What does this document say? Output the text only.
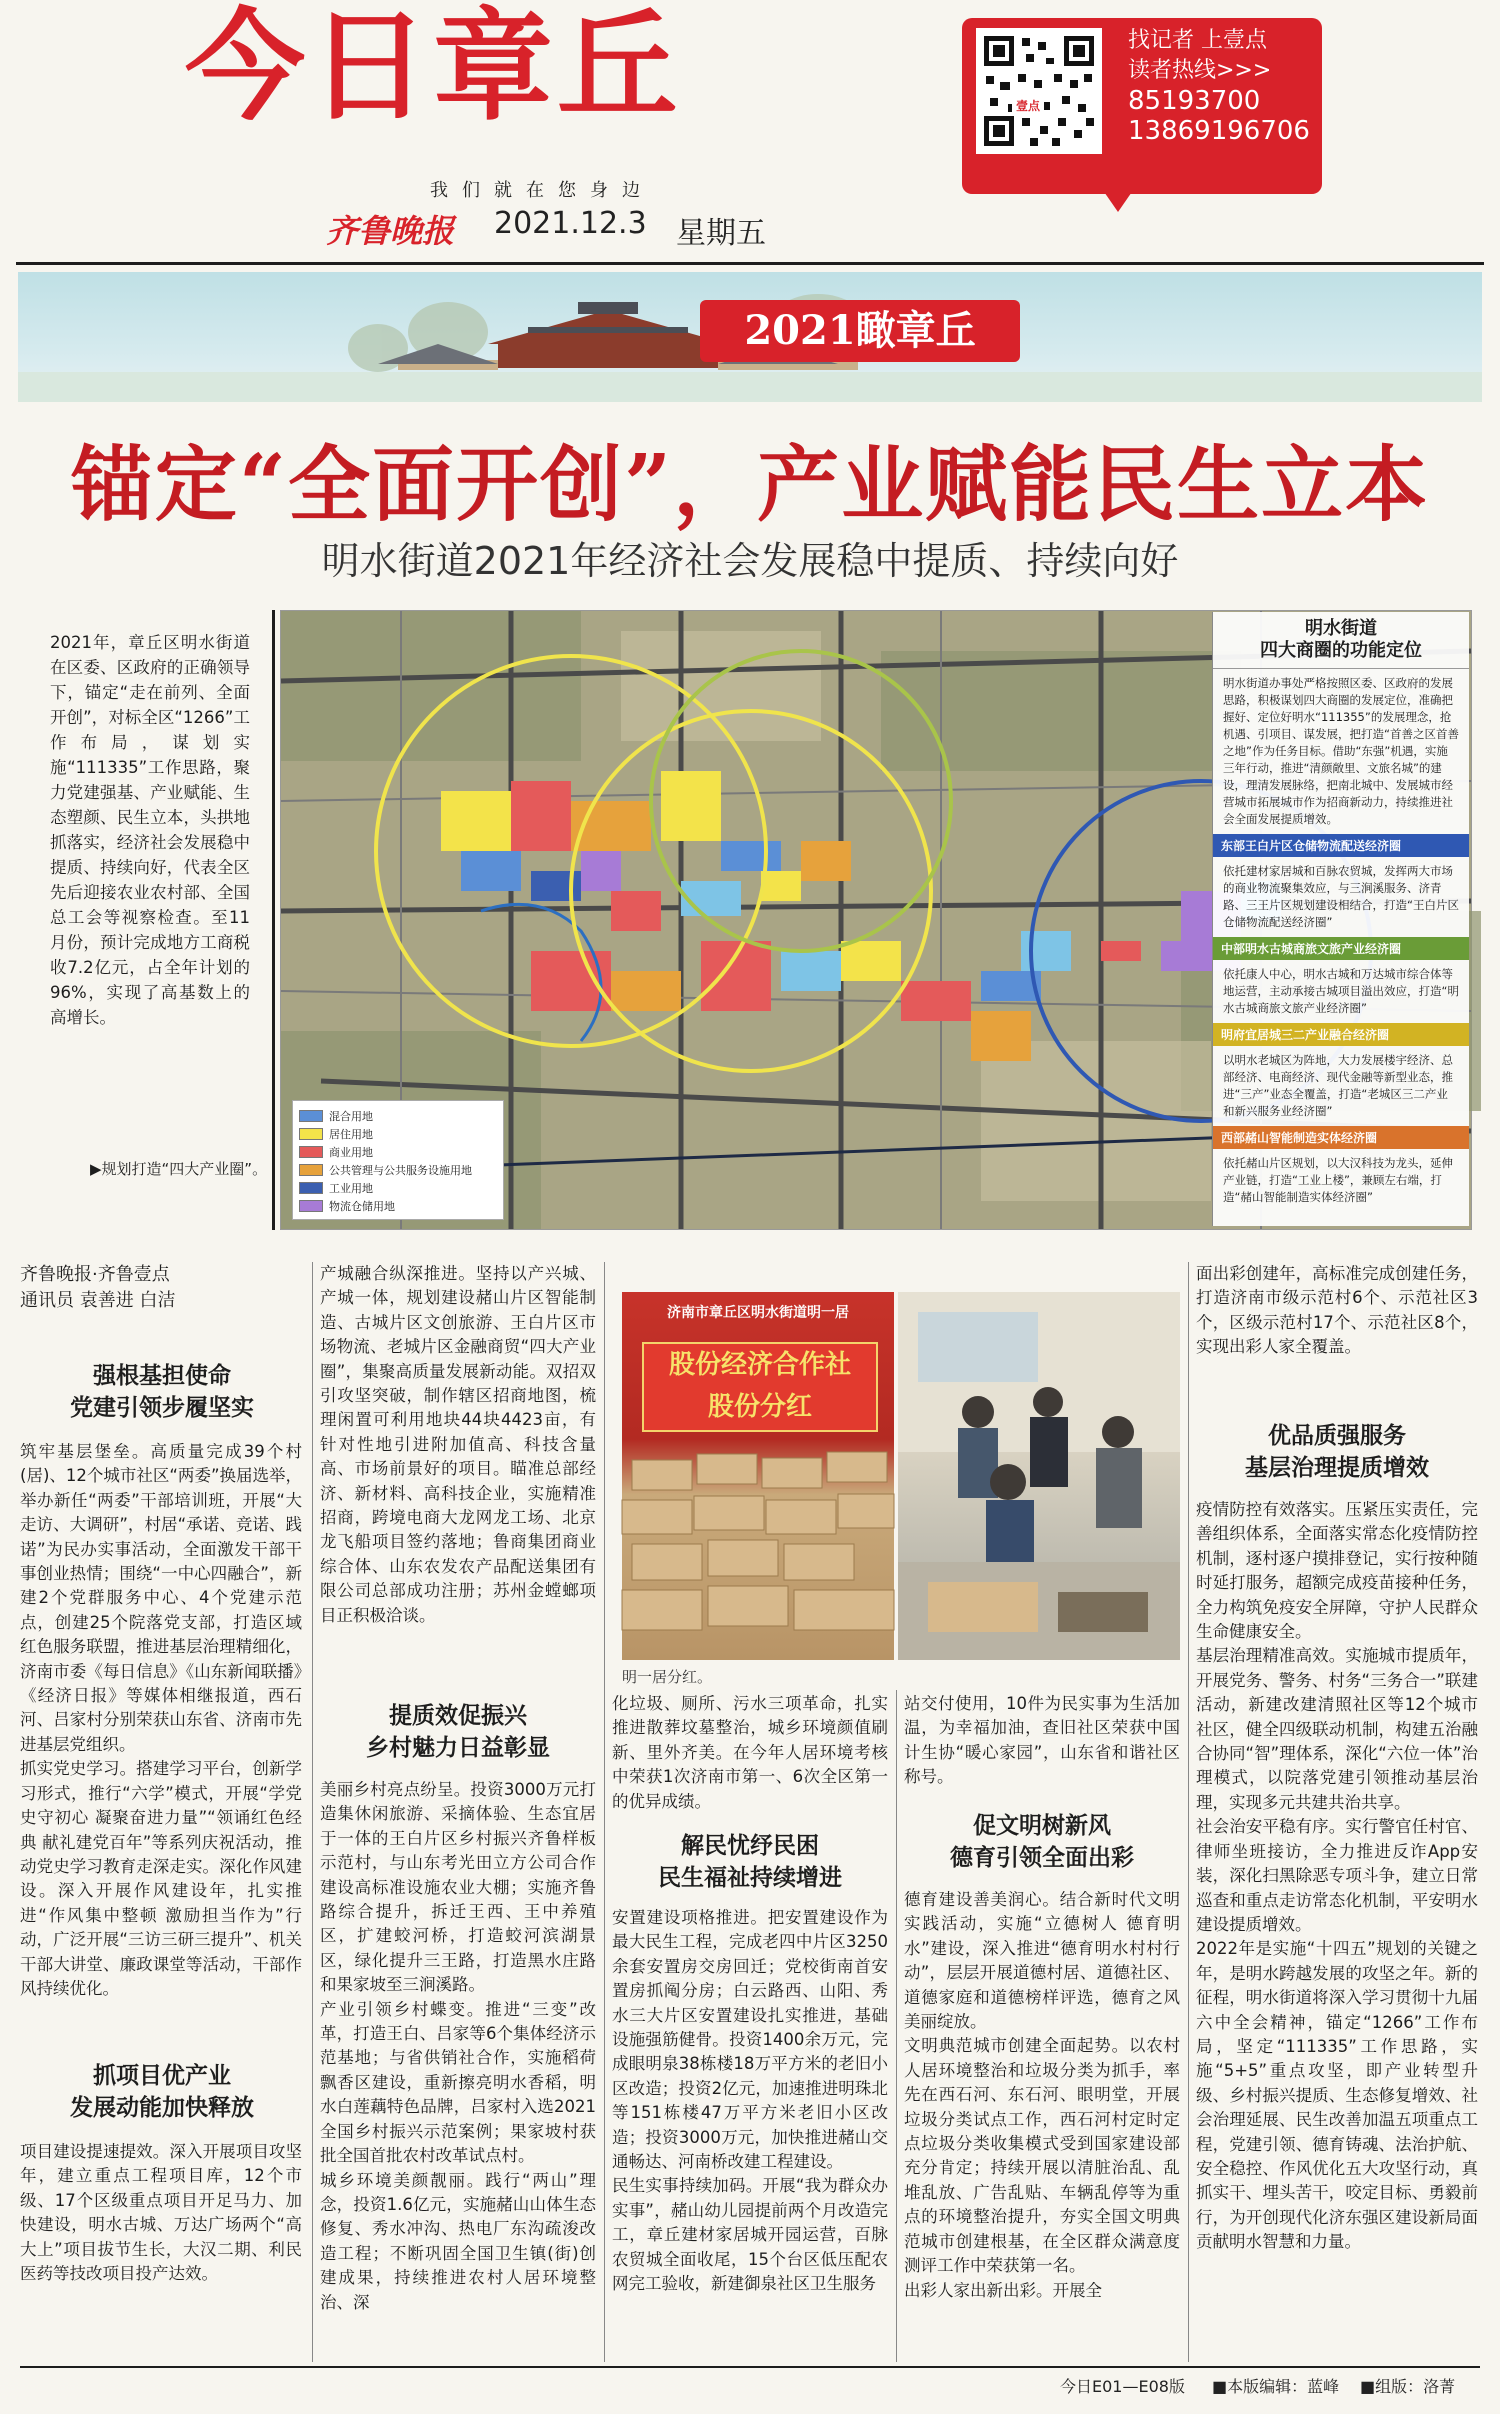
今日章丘
我们就在您身边
齐鲁晚报 2021.12.3 星期五
壹点
找记者 上壹点
读者热线>>>
85193700
13869196706
2021瞰章丘
锚定“全面开创”，产业赋能民生立本
明水街道2021年经济社会发展稳中提质、持续向好
2021年，章丘区明水街道在区委、区政府的正确领导下，锚定“走在前列、全面开创”，对标全区“1266”工作布局，谋划实施“111335”工作思路，聚力党建强基、产业赋能、生态塑颜、民生立本，头拱地抓落实，经济社会发展稳中提质、持续向好，代表全区先后迎接农业农村部、全国总工会等视察检查。至11月份，预计完成地方工商税收7.2亿元，占全年计划的96%，实现了高基数上的高增长。
▶规划打造“四大产业圈”。
混合用地
居住用地
商业用地
公共管理与公共服务设施用地
工业用地
物流仓储用地
明水街道
四大商圈的功能定位
明水街道办事处严格按照区委、区政府的发展思路，积极谋划四大商圈的发展定位，准确把握好、定位好明水“111355”的发展理念，抢机遇、引项目、谋发展，把打造“首善之区首善之地”作为任务目标。借助“东强”机遇，实施三年行动，推进“清颜敞里、文旅名城”的建设，理清发展脉络，把南北城中、发展城市经营城市拓展城市作为招商新动力，持续推进社会全面发展提质增效。
东部王白片区仓储物流配送经济圈
依托建材家居城和百脉农贸城，发挥两大市场的商业物流聚集效应，与三涧溪服务、济青路、三王片区规划建设相结合，打造“王白片区仓储物流配送经济圈”
中部明水古城商旅文旅产业经济圈
依托康人中心，明水古城和万达城市综合体等地运营，主动承接古城项目溢出效应，打造“明水古城商旅文旅产业经济圈”
明府宜居城三二产业融合经济圈
以明水老城区为阵地，大力发展楼宇经济、总部经济、电商经济、现代金融等新型业态，推进“三产”业态全覆盖，打造“老城区三二产业和新兴服务业经济圈”
西部赭山智能制造实体经济圈
依托赭山片区规划，以大汉科技为龙头，延伸产业链，打造“工业上楼”，兼顾左右端，打造“赭山智能制造实体经济圈”
齐鲁晚报·齐鲁壹点
通讯员 袁善进 白洁
强根基担使命
党建引领步履坚实
筑牢基层堡垒。高质量完成39个村(居)、12个城市社区“两委”换届选举，举办新任“两委”干部培训班，开展“大走访、大调研”，村居“承诺、竞诺、践诺”为民办实事活动，全面激发干部干事创业热情；围绕“一中心四融合”，新建2个党群服务中心、4个党建示范点，创建25个院落党支部，打造区域红色服务联盟，推进基层治理精细化，济南市委《每日信息》《山东新闻联播》《经济日报》等媒体相继报道，西石河、吕家村分别荣获山东省、济南市先进基层党组织。
抓实党史学习。搭建学习平台，创新学习形式，推行“六学”模式，开展“学党史守初心 凝聚奋进力量”“领诵红色经典 献礼建党百年”等系列庆祝活动，推动党史学习教育走深走实。深化作风建设。深入开展作风建设年，扎实推进“作风集中整顿 激励担当作为”行动，广泛开展“三访三研三提升”、机关干部大讲堂、廉政课堂等活动，干部作风持续优化。
抓项目优产业
发展动能加快释放
项目建设提速提效。深入开展项目攻坚年，建立重点工程项目库，12个市级、17个区级重点项目开足马力、加快建设，明水古城、万达广场两个“高大上”项目拔节生长，大汉二期、利民医药等技改项目投产达效。
产城融合纵深推进。坚持以产兴城、产城一体，规划建设赭山片区智能制造、古城片区文创旅游、王白片区市场物流、老城片区金融商贸“四大产业圈”，集聚高质量发展新动能。双招双引攻坚突破，制作辖区招商地图，梳理闲置可利用地块44块4423亩，有针对性地引进附加值高、科技含量高、市场前景好的项目。瞄准总部经济、新材料、高科技企业，实施精准招商，跨境电商大龙网龙工场、北京龙飞船项目签约落地；鲁商集团商业综合体、山东农发农产品配送集团有限公司总部成功注册；苏州金螳螂项目正积极洽谈。
提质效促振兴
乡村魅力日益彰显
美丽乡村亮点纷呈。投资3000万元打造集休闲旅游、采摘体验、生态宜居于一体的王白片区乡村振兴齐鲁样板示范村，与山东考光田立方公司合作建设高标准设施农业大棚；实施齐鲁路综合提升，拆迁王西、王中养殖区，扩建蛟河桥，打造蛟河滨湖景区，绿化提升三王路，打造黑水庄路和果家坡至三涧溪路。
产业引领乡村蝶变。推进“三变”改革，打造王白、吕家等6个集体经济示范基地；与省供销社合作，实施稻荷飘香区建设，重新擦亮明水香稻，明水白莲藕特色品牌，吕家村入选2021全国乡村振兴示范案例；果家坡村获批全国首批农村改革试点村。
城乡环境美颜靓丽。践行“两山”理念，投资1.6亿元，实施赭山山体生态修复、秀水冲沟、热电厂东沟疏浚改造工程；不断巩固全国卫生镇(街)创建成果，持续推进农村人居环境整治、深
济南市章丘区明水街道明一居
股份经济合作社
股份分红
明一居分红。
化垃圾、厕所、污水三项革命，扎实推进散葬坟墓整治，城乡环境颜值刷新、里外齐美。在今年人居环境考核中荣获1次济南市第一、6次全区第一的优异成绩。
解民忧纾民困
民生福祉持续增进
安置建设项格推进。把安置建设作为最大民生工程，完成老四中片区3250余套安置房交房回迁；党校街南首安置房抓阄分房；白云路西、山阳、秀水三大片区安置建设扎实推进，基础设施强筋健骨。投资1400余万元，完成眼明泉38栋楼18万平方米的老旧小区改造；投资2亿元，加速推进明珠北等151栋楼47万平方米老旧小区改造；投资3000万元，加快推进赭山交通畅达、河南桥改建工程建设。
民生实事持续加码。开展“我为群众办实事”，赭山幼儿园提前两个月改造完工，章丘建材家居城开园运营，百脉农贸城全面收尾，15个台区低压配农网完工验收，新建御泉社区卫生服务
站交付使用，10件为民实事为生活加温，为幸福加油，查旧社区荣获中国计生协“暖心家园”，山东省和谐社区称号。
促文明树新风
德育引领全面出彩
德育建设善美润心。结合新时代文明实践活动，实施“立德树人 德育明水”建设，深入推进“德育明水村村行动”，层层开展道德村居、道德社区、道德家庭和道德榜样评选，德育之风美丽绽放。
文明典范城市创建全面起势。以农村人居环境整治和垃圾分类为抓手，率先在西石河、东石河、眼明堂，开展垃圾分类试点工作，西石河村定时定点垃圾分类收集模式受到国家建设部充分肯定；持续开展以清脏治乱、乱堆乱放、广告乱贴、车辆乱停等为重点的环境整治提升，夯实全国文明典范城市创建根基，在全区群众满意度测评工作中荣获第一名。
出彩人家出新出彩。开展全
面出彩创建年，高标准完成创建任务，打造济南市级示范村6个、示范社区3个，区级示范村17个、示范社区8个，实现出彩人家全覆盖。
优品质强服务
基层治理提质增效
疫情防控有效落实。压紧压实责任，完善组织体系，全面落实常态化疫情防控机制，逐村逐户摸排登记，实行按种随时延打服务，超额完成疫苗接种任务，全力构筑免疫安全屏障，守护人民群众生命健康安全。
基层治理精准高效。实施城市提质年，开展党务、警务、村务“三务合一”联建活动，新建改建清照社区等12个城市社区，健全四级联动机制，构建五治融合协同“智”理体系，深化“六位一体”治理模式，以院落党建引领推动基层治理，实现多元共建共治共享。
社会治安平稳有序。实行警官任村官、律师坐班接访，全力推进反诈App安装，深化扫黑除恶专项斗争，建立日常巡查和重点走访常态化机制，平安明水建设提质增效。
2022年是实施“十四五”规划的关键之年，是明水跨越发展的攻坚之年。新的征程，明水街道将深入学习贯彻十九届六中全会精神，锚定“1266”工作布局，坚定“111335”工作思路，实施“5+5”重点攻坚，即产业转型升级、乡村振兴提质、生态修复增效、社会治理延展、民生改善加温五项重点工程，党建引领、德育铸魂、法治护航、安全稳控、作风优化五大攻坚行动，真抓实干、埋头苦干，咬定目标、勇毅前行，为开创现代化济东强区建设新局面贡献明水智慧和力量。
今日E01—E08版 ■本版编辑：蓝峰 ■组版：洛菁
